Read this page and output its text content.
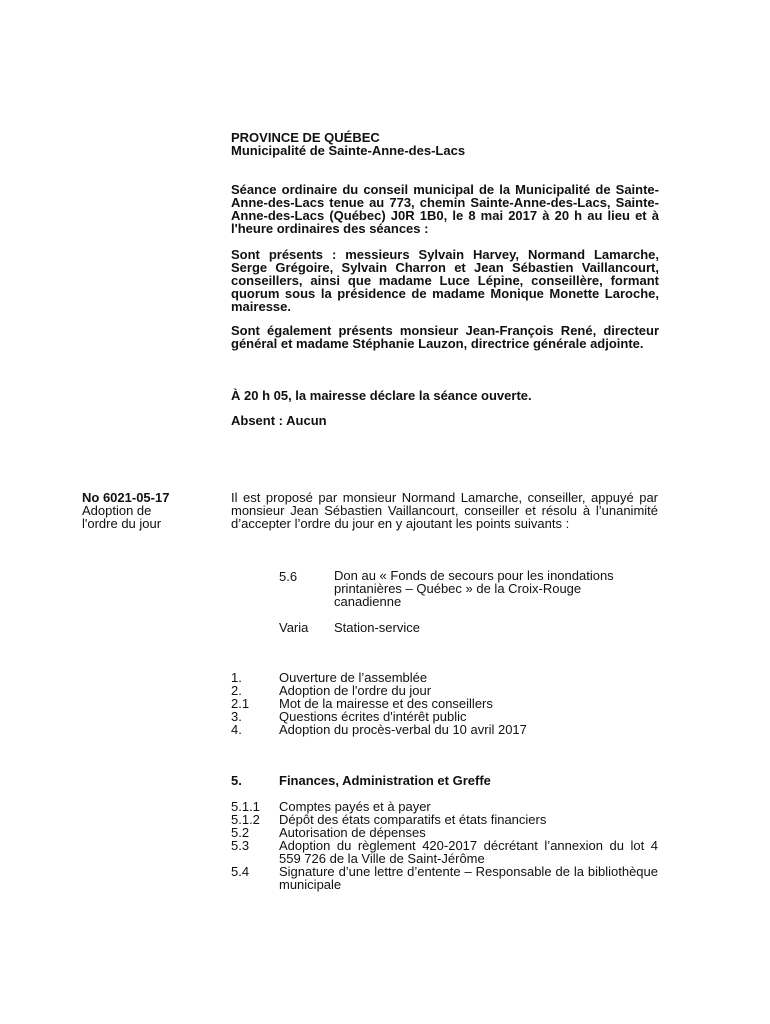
PROVINCE DE QUÉBEC
Municipalité de Sainte-Anne-des-Lacs
Séance ordinaire du conseil municipal de la Municipalité de Sainte-Anne-des-Lacs tenue au 773, chemin Sainte-Anne-des-Lacs, Sainte-Anne-des-Lacs (Québec) J0R 1B0, le 8 mai 2017 à 20 h au lieu et à l'heure ordinaires des séances :
Sont présents : messieurs Sylvain Harvey, Normand Lamarche, Serge Grégoire, Sylvain Charron et Jean Sébastien Vaillancourt, conseillers, ainsi que madame Luce Lépine, conseillère, formant quorum sous la présidence de madame Monique Monette Laroche, mairesse.
Sont également présents monsieur Jean-François René, directeur général et madame Stéphanie Lauzon, directrice générale adjointe.
À 20 h 05, la mairesse déclare la séance ouverte.
Absent : Aucun
No 6021-05-17
Adoption de
l'ordre du jour
Il est proposé par monsieur Normand Lamarche, conseiller, appuyé par monsieur Jean Sébastien Vaillancourt, conseiller et résolu à l’unanimité d’accepter l’ordre du jour en y ajoutant les points suivants :
5.6	Don au « Fonds de secours pour les inondations printanières – Québec » de la Croix-Rouge canadienne
Varia Station-service
1.	Ouverture de l’assemblée
2.	Adoption de l'ordre du jour
2.1 Mot de la mairesse et des conseillers
3.	Questions écrites d'intérêt public
4.	Adoption du procès-verbal du 10 avril 2017
5.	Finances, Administration et Greffe
5.1.1 Comptes payés et à payer
5.1.2 Dépôt des états comparatifs et états financiers
5.2 Autorisation de dépenses
5.3 Adoption du règlement 420-2017 décrétant l’annexion du lot 4 559 726 de la Ville de Saint-Jérôme
5.4 Signature d’une lettre d’entente – Responsable de la bibliothèque municipale
